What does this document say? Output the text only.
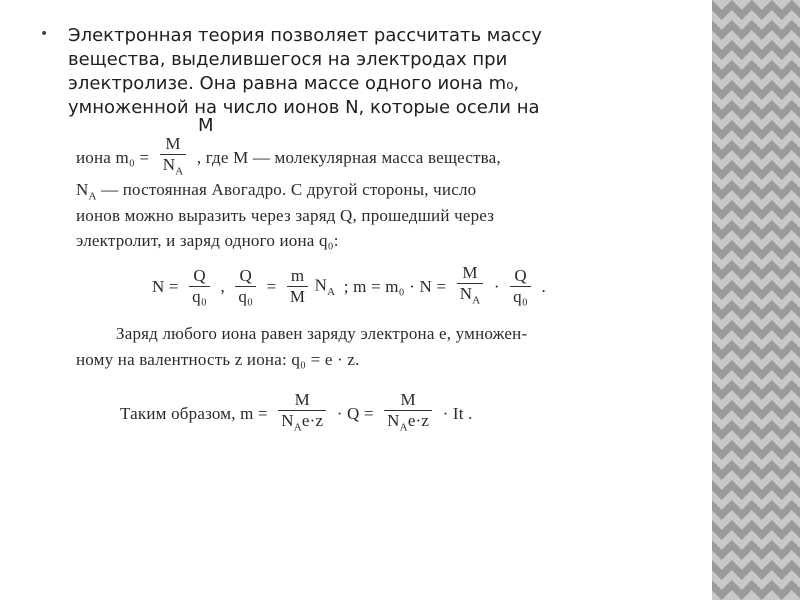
• Электронная теория позволяет рассчитать массу вещества, выделившегося на электродах при электролизе. Она равна массе одного иона m₀, умноженной на число ионов N, которые осели на
M
иона $m_0 = \frac{M}{N_A}$ , где M — молекулярная масса вещества,
$N_A$ — постоянная Авогадро. С другой стороны, число
ионов можно выразить через заряд Q, прошедший через
электролит, и заряд одного иона q₀:
$N = \frac{Q}{\text{q₀}}$ , $\frac{Q}{\text{q₀}} = \frac{m}{M} N_A$ ; $m = m_0 \cdot N = \frac{M}{N_A} \cdot \frac{Q}{\text{q₀}}$ .
Заряд любого иона равен заряду электрона e, умножен-
ному на валентность z иона: q₀ = e · z.
Таким образом, $m = \frac{M}{N_Ae\cdot z} \cdot Q = \frac{M}{N_Ae\cdot z} \cdot It$ .
